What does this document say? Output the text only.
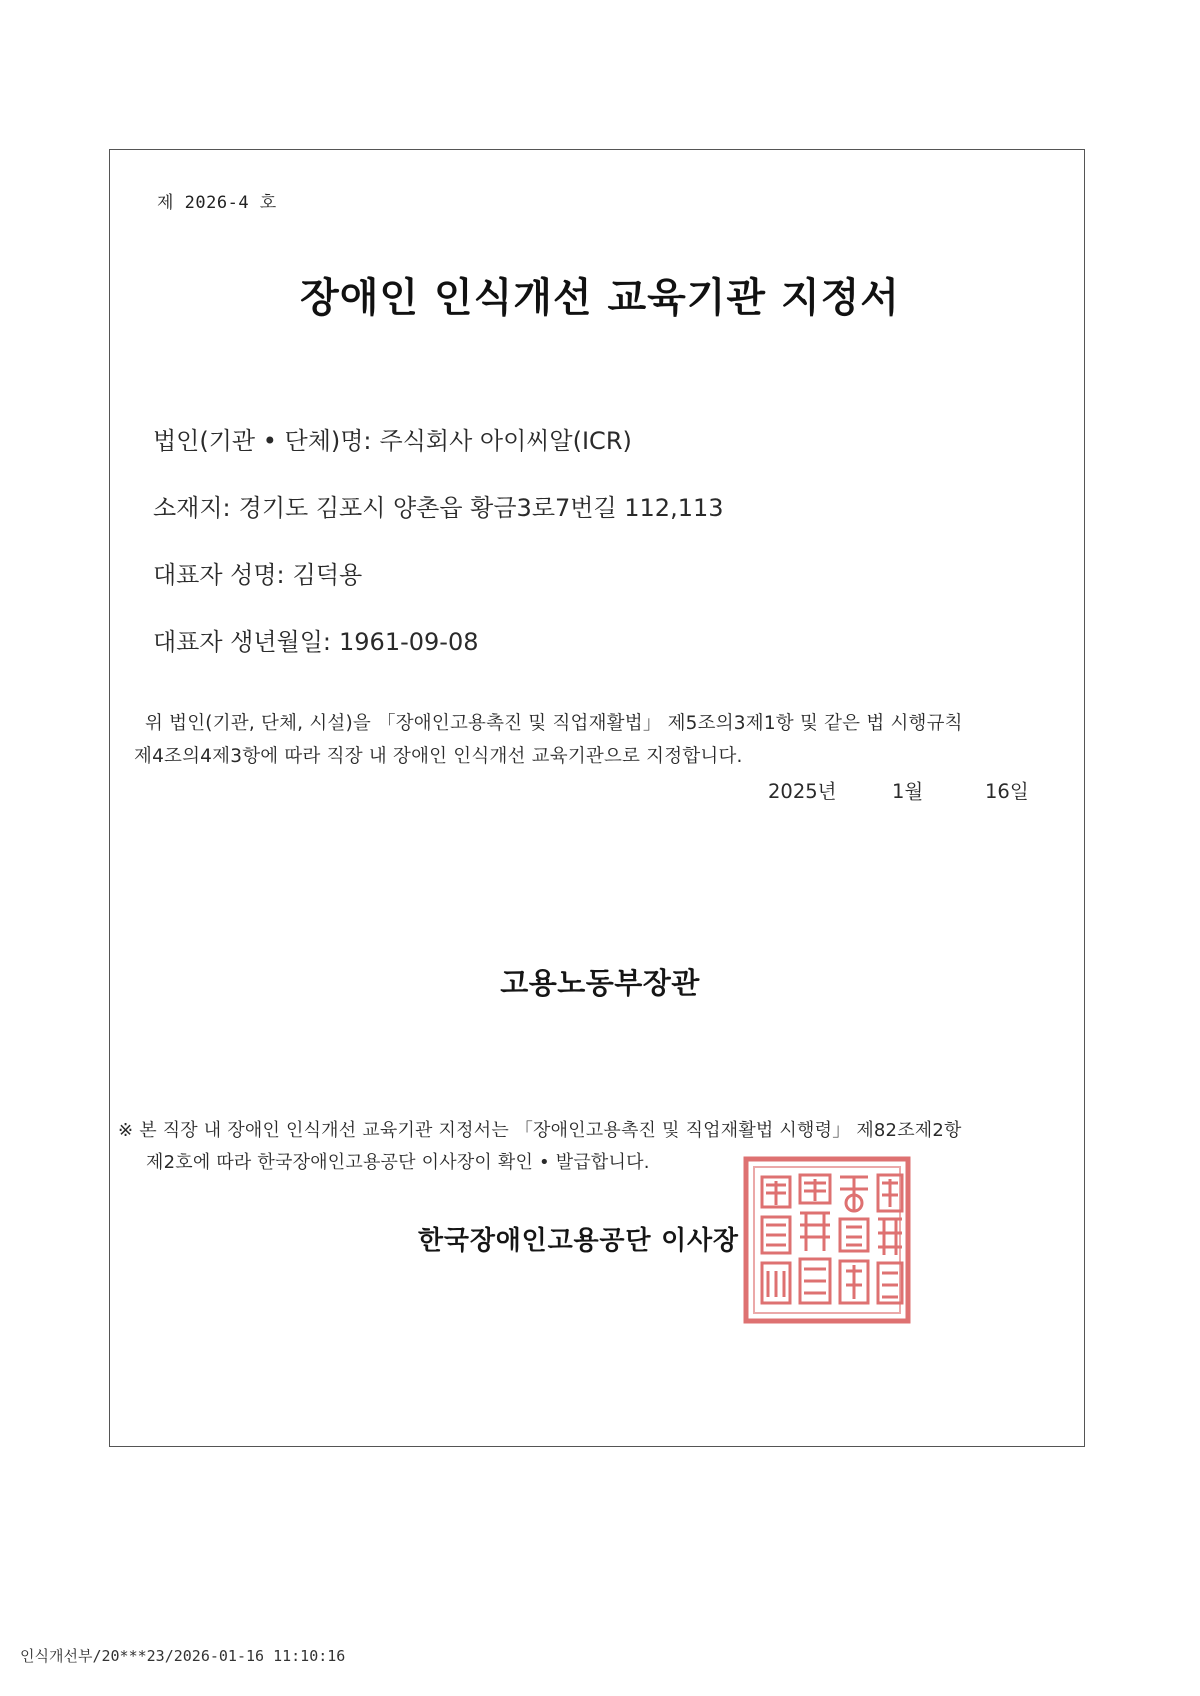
제 2026-4 호
장애인 인식개선 교육기관 지정서
법인(기관 • 단체)명: 주식회사 아이씨알(ICR)
소재지: 경기도 김포시 양촌읍 황금3로7번길 112,113
대표자 성명: 김덕용
대표자 생년월일: 1961-09-08
위 법인(기관, 단체, 시설)을 「장애인고용촉진 및 직업재활법」 제5조의3제1항 및 같은 법 시행규칙
제4조의4제3항에 따라 직장 내 장애인 인식개선 교육기관으로 지정합니다.
2025년	1월	16일
고용노동부장관
※ 본 직장 내 장애인 인식개선 교육기관 지정서는 「장애인고용촉진 및 직업재활법 시행령」 제82조제2항
제2호에 따라 한국장애인고용공단 이사장이 확인 • 발급합니다.
한국장애인고용공단 이사장
인식개선부/20***23/2026-01-16 11:10:16
